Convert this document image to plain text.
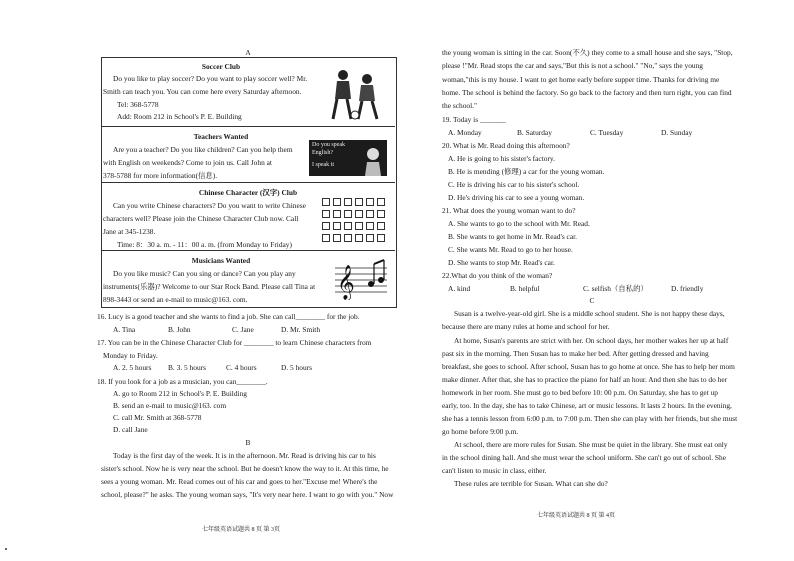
A
Soccer Club
Do you like to play soccer? Do you want to play soccer well? Mr.
Smith can teach you. You can come here every Saturday afternoon.
Tel: 368-5778
Add: Room 212 in School's P. E. Building
Teachers Wanted
Are you a teacher? Do you like children? Can you help them
with English on weekends? Come to join us. Call John at
378-5788 for more information(信息).
Do you speak
English?
I speak it
Chinese Character (汉字) Club
Can you write Chinese characters? Do you want to write Chinese
characters well? Please join the Chinese Character Club now. Call
Jane at 345-1238.
Time: 8：30 a. m. - 11：00 a. m. (from Monday to Friday)
Musicians Wanted
Do you like music? Can you sing or dance? Can you play any
instruments(乐器)? Welcome to our Star Rock Band. Please call Tina at
898-3443 or send an e-mail to music@163. com.	𝄞
16. Lucy is a good teacher and she wants to find a job. She can call________ for the job.
A. Tina	B. John	C. Jane	D. Mr. Smith
17. You can be in the Chinese Character Club for ________ to learn Chinese characters from
Monday to Friday.
A. 2. 5 hours B. 3. 5 hours	C. 4 hours	D. 5 hours
18. If you look for a job as a musician, you can________.
A. go to Room 212 in School's P. E. Building
B. send an e-mail to music@163. com
C. call Mr. Smith at 368-5778
D. call Jane
B
Today is the first day of the week. It is in the afternoon. Mr. Read is driving his car to his
sister's school. Now he is very near the school. But he doesn't know the way to it. At this time, he
sees a young woman. Mr. Read comes out of his car and goes to her."Excuse me! Where's the
school, please?" he asks. The young woman says, "It's very near here. I want to go with you." Now
七年级英语试题共 8 页 第 3页
the young woman is sitting in the car. Soon(不久) they come to a small house and she says, "Stop,
please !"Mr. Read stops the car and says,"But this is not a school." "No," says the young
woman,"this is my house. I want to get home early before supper time. Thanks for driving me
home. The school is behind the factory. So go back to the factory and then turn right, you can find
the school."
19. Today is _______
A. Monday	B. Saturday	C. Tuesday	D. Sunday
20. What is Mr. Read doing this afternoon?
A. He is going to his sister's factory.
B. He is mending (修理) a car for the young woman.
C. He is driving his car to his sister's school.
D. He's driving his car to see a young woman.
21. What does the young woman want to do?
A. She wants to go to the school with Mr. Read.
B. She wants to get home in Mr. Read's car.
C. She wants Mr. Read to go to her house.
D. She wants to stop Mr. Read's car.
22.What do you think of the woman?
A. kind	B. helpful	C. selfish（自私的）	D. friendly
C
Susan is a twelve-year-old girl. She is a middle school student. She is not happy these days,
because there are many rules at home and school for her.
At home, Susan's parents are strict with her. On school days, her mother wakes her up at half
past six in the morning. Then Susan has to make her bed. After getting dressed and having
breakfast, she goes to school. After school, Susan has to go home at once. She has to help her mom
make dinner. After that, she has to practice the piano for half an hour. And then she has to do her
homework in her room. She must go to bed before 10: 00 p.m. On Saturday, she has to get up
early, too. In the day, she has to take Chinese, art or music lessons. It lasts 2 hours. In the evening,
she has a tennis lesson from 6:00 p.m. to 7:00 p.m. Then she can play with her friends, but she must
go home before 9:00 p.m.
At school, there are more rules for Susan. She must be quiet in the library. She must eat only
in the school dining hall. And she must wear the school uniform. She can't go out of school. She
can't listen to music in class, either.
These rules are terrible for Susan. What can she do?
七年级英语试题共 8 页 第 4页
